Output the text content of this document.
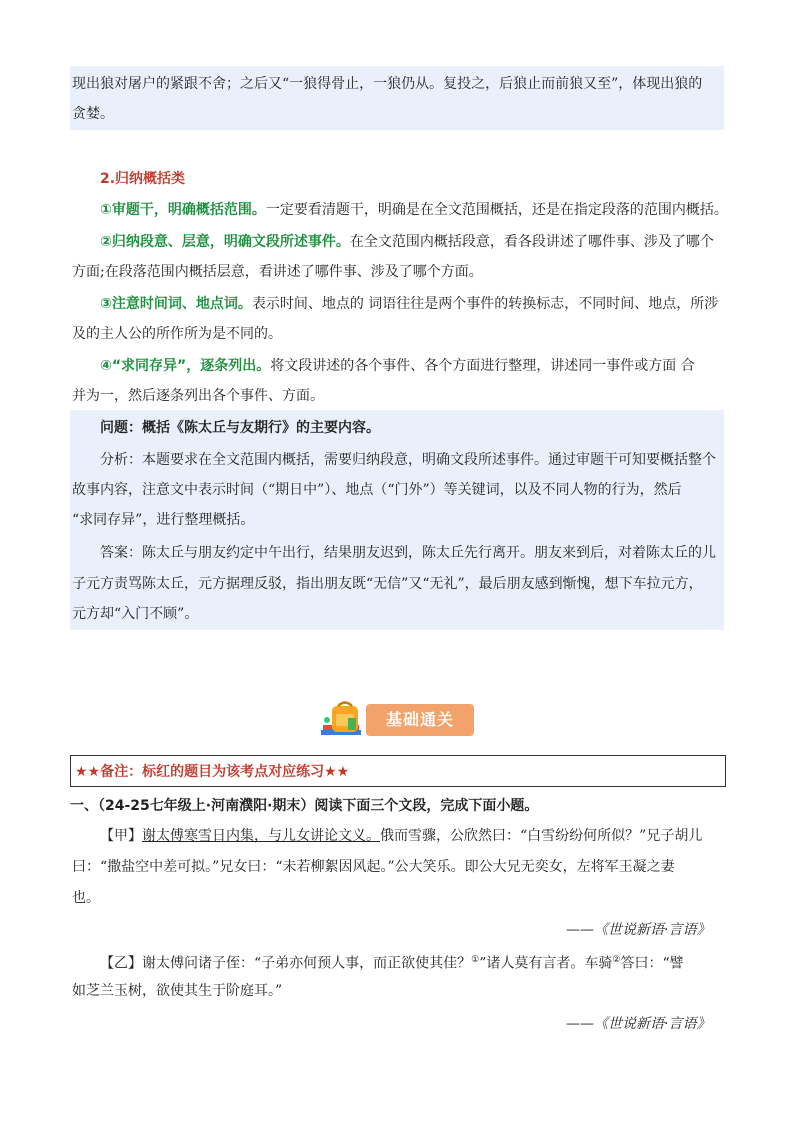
现出狼对屠户的紧跟不舍；之后又“一狼得骨止，一狼仍从。复投之，后狼止而前狼又至”，体现出狼的
贪婪。
2.归纳概括类
①审题干，明确概括范围。一定要看清题干，明确是在全文范围概括，还是在指定段落的范围内概括。
②归纳段意、层意，明确文段所述事件。在全文范围内概括段意，看各段讲述了哪件事、涉及了哪个
方面;在段落范围内概括层意，看讲述了哪件事、涉及了哪个方面。
③注意时间词、地点词。表示时间、地点的 词语往往是两个事件的转换标志，不同时间、地点，所涉
及的主人公的所作所为是不同的。
④“求同存异”，逐条列出。将文段讲述的各个事件、各个方面进行整理，讲述同一事件或方面 合
并为一，然后逐条列出各个事件、方面。
问题：概括《陈太丘与友期行》的主要内容。
分析：本题要求在全文范围内概括，需要归纳段意，明确文段所述事件。通过审题干可知要概括整个
故事内容，注意文中表示时间（“期日中”）、地点（“门外”）等关键词，以及不同人物的行为，然后
“求同存异”，进行整理概括。
答案：陈太丘与朋友约定中午出行，结果朋友迟到，陈太丘先行离开。朋友来到后，对着陈太丘的儿
子元方责骂陈太丘，元方据理反驳，指出朋友既“无信”又“无礼”，最后朋友感到惭愧，想下车拉元方，
元方却“入门不顾”。
基础通关
★★备注：标红的题目为该考点对应练习★★
一、（24-25七年级上·河南濮阳·期末）阅读下面三个文段，完成下面小题。
【甲】谢太傅寒雪日内集，与儿女讲论文义。俄而雪骤，公欣然曰：“白雪纷纷何所似？”兄子胡儿
曰：“撒盐空中差可拟。”兄女曰：“未若柳絮因风起。”公大笑乐。即公大兄无奕女，左将军王凝之妻
也。
——《世说新语·言语》
【乙】谢太傅问诸子侄：“子弟亦何预人事，而正欲使其佳？①”诸人莫有言者。车骑②答曰：“譬
如芝兰玉树，欲使其生于阶庭耳。”
——《世说新语·言语》
